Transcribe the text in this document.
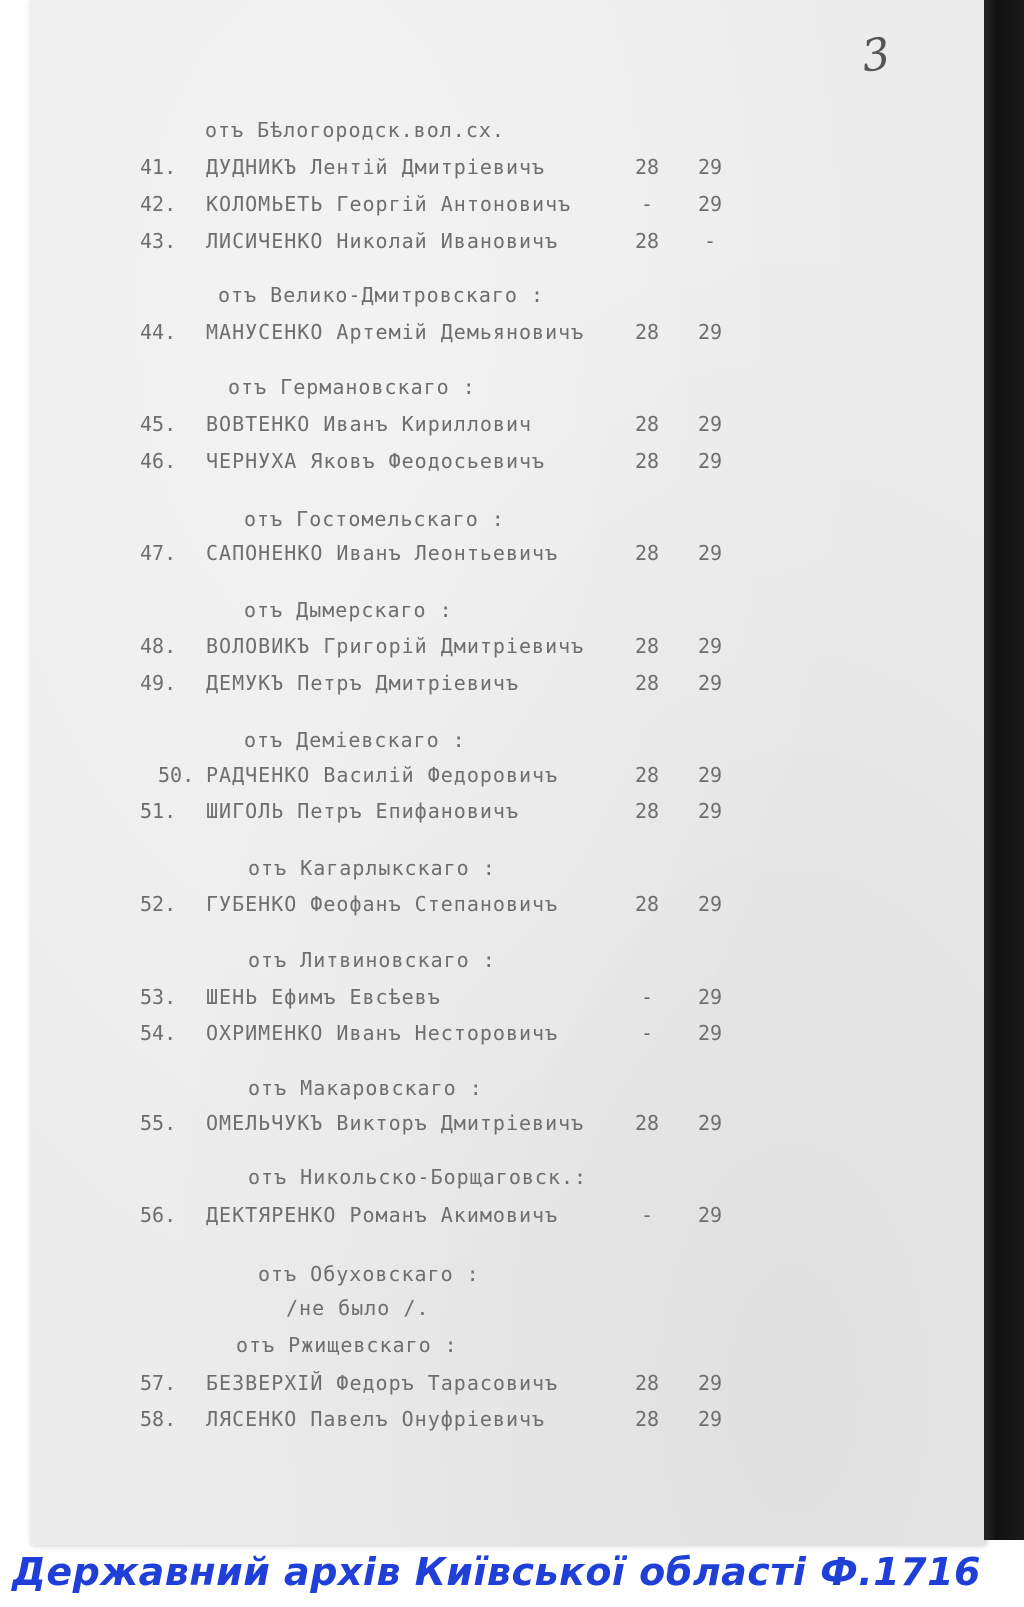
3
отъ Бѣлогородск.вол.сх.
41. ДУДНИКЪ Лентій Дмитріевичъ	28	29
42. КОЛОМЬЕТЬ Георгій Антоновичъ	-	29
43. ЛИСИЧЕНКО Николай Ивановичъ	28	-
отъ Велико-Дмитровскаго :
44. МАНУСЕНКО Артемій Демьяновичъ	28	29
отъ Германовскаго :
45. ВОВТЕНКО Иванъ Кириллович	28	29
46. ЧЕРНУХА Яковъ Феодосьевичъ	28	29
отъ Гостомельскаго :
47. САПОНЕНКО Иванъ Леонтьевичъ	28	29
отъ Дымерскаго :
48. ВОЛОВИКЪ Григорій Дмитріевичъ	28	29
49. ДЕМУКЪ Петръ Дмитріевичъ	28	29
отъ Деміевскаго :
50. РАДЧЕНКО Василій Федоровичъ	28	29
51. ШИГОЛЬ Петръ Епифановичъ	28	29
отъ Кагарлыкскаго :
52. ГУБЕНКО Феофанъ Степановичъ	28	29
отъ Литвиновскаго :
53. ШЕНЬ Ефимъ Евсѣевъ	-	29
54. ОХРИМЕНКО Иванъ Несторовичъ	-	29
отъ Макаровскаго :
55. ОМЕЛЬЧУКЪ Викторъ Дмитріевичъ	28	29
отъ Никольско-Борщаговск.:
56. ДЕКТЯРЕНКО Романъ Акимовичъ	-	29
отъ Обуховскаго :
/не было /.
отъ Ржищевскаго :
57. БЕЗВЕРХІЙ Федоръ Тарасовичъ	28	29
58. ЛЯСЕНКО Павелъ Онуфріевичъ	28	29
Державний архів Київської області Ф.1716
